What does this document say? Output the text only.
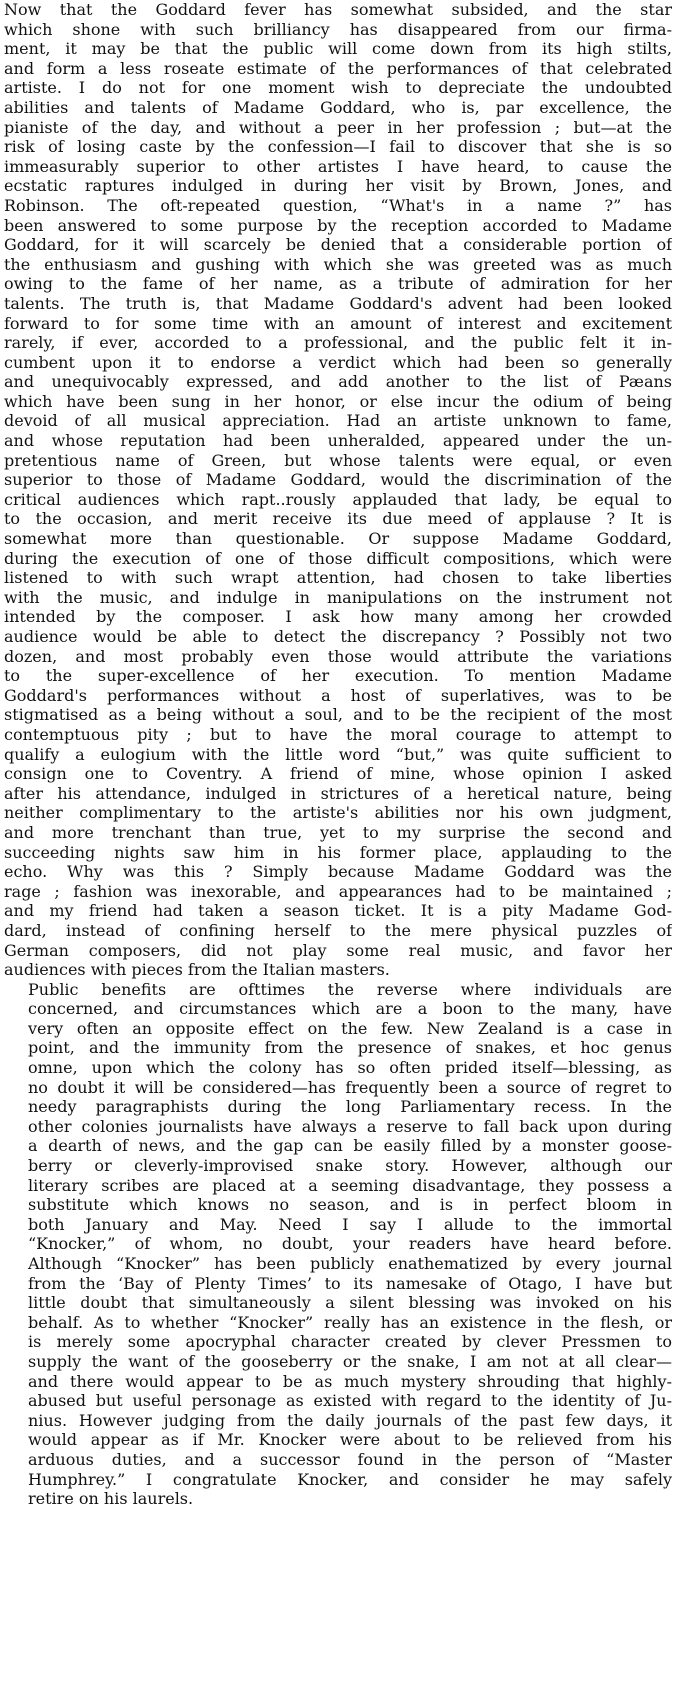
Now that the Goddard fever has somewhat subsided, and the star
which shone with such brilliancy has disappeared from our firma-
ment, it may be that the public will come down from its high stilts,
and form a less roseate estimate of the performances of that celebrated
artiste. I do not for one moment wish to depreciate the undoubted
abilities and talents of Madame Goddard, who is, par excellence, the
pianiste of the day, and without a peer in her profession ; but—at the
risk of losing caste by the confession—I fail to discover that she is so
immeasurably superior to other artistes I have heard, to cause the
ecstatic raptures indulged in during her visit by Brown, Jones, and
Robinson. The oft-repeated question, “What's in a name ?” has
been answered to some purpose by the reception accorded to Madame
Goddard, for it will scarcely be denied that a considerable portion of
the enthusiasm and gushing with which she was greeted was as much
owing to the fame of her name, as a tribute of admiration for her
talents. The truth is, that Madame Goddard's advent had been looked
forward to for some time with an amount of interest and excitement
rarely, if ever, accorded to a professional, and the public felt it in-
cumbent upon it to endorse a verdict which had been so generally
and unequivocably expressed, and add another to the list of Pæans
which have been sung in her honor, or else incur the odium of being
devoid of all musical appreciation. Had an artiste unknown to fame,
and whose reputation had been unheralded, appeared under the un-
pretentious name of Green, but whose talents were equal, or even
superior to those of Madame Goddard, would the discrimination of the
critical audiences which rapt..rously applauded that lady, be equal to
to the occasion, and merit receive its due meed of applause ? It is
somewhat more than questionable. Or suppose Madame Goddard,
during the execution of one of those difficult compositions, which were
listened to with such wrapt attention, had chosen to take liberties
with the music, and indulge in manipulations on the instrument not
intended by the composer. I ask how many among her crowded
audience would be able to detect the discrepancy ? Possibly not two
dozen, and most probably even those would attribute the variations
to the super-excellence of her execution. To mention Madame
Goddard's performances without a host of superlatives, was to be
stigmatised as a being without a soul, and to be the recipient of the most
contemptuous pity ; but to have the moral courage to attempt to
qualify a eulogium with the little word “but,” was quite sufficient to
consign one to Coventry. A friend of mine, whose opinion I asked
after his attendance, indulged in strictures of a heretical nature, being
neither complimentary to the artiste's abilities nor his own judgment,
and more trenchant than true, yet to my surprise the second and
succeeding nights saw him in his former place, applauding to the
echo. Why was this ? Simply because Madame Goddard was the
rage ; fashion was inexorable, and appearances had to be maintained ;
and my friend had taken a season ticket. It is a pity Madame God-
dard, instead of confining herself to the mere physical puzzles of
German composers, did not play some real music, and favor her
audiences with pieces from the Italian masters.
Public benefits are ofttimes the reverse where individuals are
concerned, and circumstances which are a boon to the many, have
very often an opposite effect on the few. New Zealand is a case in
point, and the immunity from the presence of snakes, et hoc genus
omne, upon which the colony has so often prided itself—blessing, as
no doubt it will be considered—has frequently been a source of regret to
needy paragraphists during the long Parliamentary recess. In the
other colonies journalists have always a reserve to fall back upon during
a dearth of news, and the gap can be easily filled by a monster goose-
berry or cleverly-improvised snake story. However, although our
literary scribes are placed at a seeming disadvantage, they possess a
substitute which knows no season, and is in perfect bloom in
both January and May. Need I say I allude to the immortal
“Knocker,” of whom, no doubt, your readers have heard before.
Although “Knocker” has been publicly enathematized by every journal
from the ‘Bay of Plenty Times’ to its namesake of Otago, I have but
little doubt that simultaneously a silent blessing was invoked on his
behalf. As to whether “Knocker” really has an existence in the flesh, or
is merely some apocryphal character created by clever Pressmen to
supply the want of the gooseberry or the snake, I am not at all clear—
and there would appear to be as much mystery shrouding that highly-
abused but useful personage as existed with regard to the identity of Ju-
nius. However judging from the daily journals of the past few days, it
would appear as if Mr. Knocker were about to be relieved from his
arduous duties, and a successor found in the person of “Master
Humphrey.” I congratulate Knocker, and consider he may safely
retire on his laurels.
